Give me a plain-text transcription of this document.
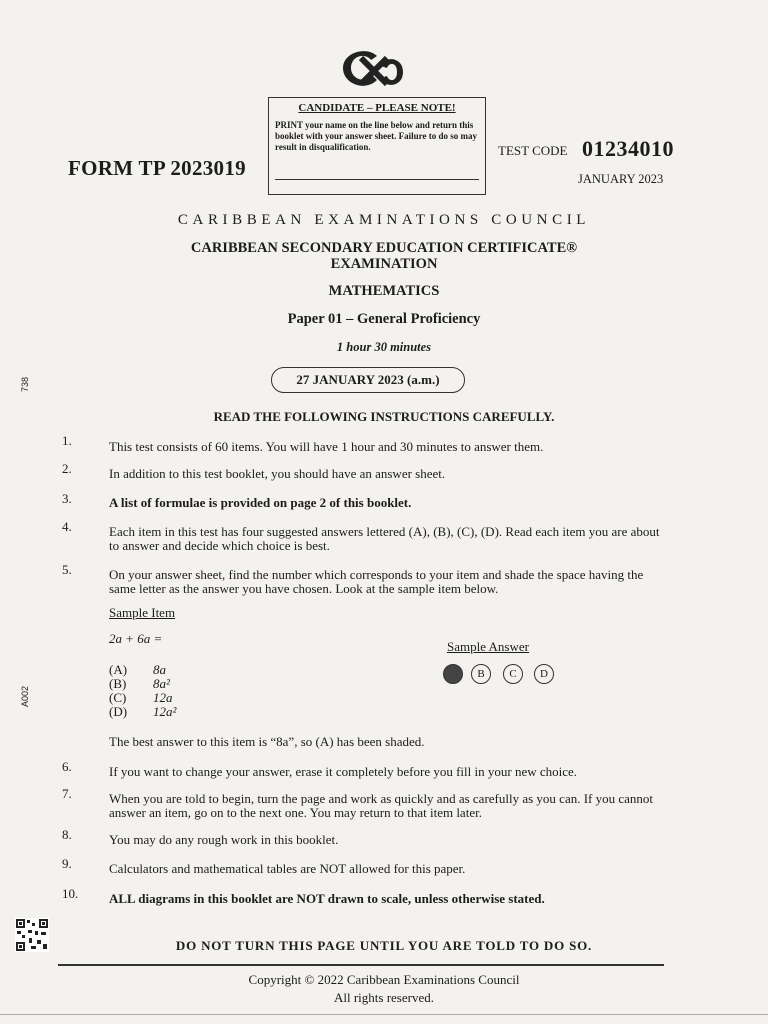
CXC
CANDIDATE – PLEASE NOTE!
PRINT your name on the line below and return this booklet with your answer sheet. Failure to do so may result in disqualification.
FORM TP 2023019
TEST CODE 01234010
JANUARY 2023
CARIBBEAN EXAMINATIONS COUNCIL
CARIBBEAN SECONDARY EDUCATION CERTIFICATE®
EXAMINATION
MATHEMATICS
Paper 01 – General Proficiency
1 hour 30 minutes
27 JANUARY 2023 (a.m.)
738
A002
READ THE FOLLOWING INSTRUCTIONS CAREFULLY.
1.	This test consists of 60 items. You will have 1 hour and 30 minutes to answer them.
2.	In addition to this test booklet, you should have an answer sheet.
3.	A list of formulae is provided on page 2 of this booklet.
4.	Each item in this test has four suggested answers lettered (A), (B), (C), (D). Read each item you are about to answer and decide which choice is best.
5.	On your answer sheet, find the number which corresponds to your item and shade the space having the same letter as the answer you have chosen. Look at the sample item below.
Sample Item
2a + 6a =
Sample Answer
(A) 8a
(B) 8a²
(C) 12a
(D) 12a²
A	B	C	D
The best answer to this item is “8a”, so (A) has been shaded.
6.	If you want to change your answer, erase it completely before you fill in your new choice.
7.	When you are told to begin, turn the page and work as quickly and as carefully as you can. If you cannot answer an item, go on to the next one. You may return to that item later.
8.	You may do any rough work in this booklet.
9.	Calculators and mathematical tables are NOT allowed for this paper.
10. ALL diagrams in this booklet are NOT drawn to scale, unless otherwise stated.
DO NOT TURN THIS PAGE UNTIL YOU ARE TOLD TO DO SO.
Copyright © 2022 Caribbean Examinations Council
All rights reserved.
